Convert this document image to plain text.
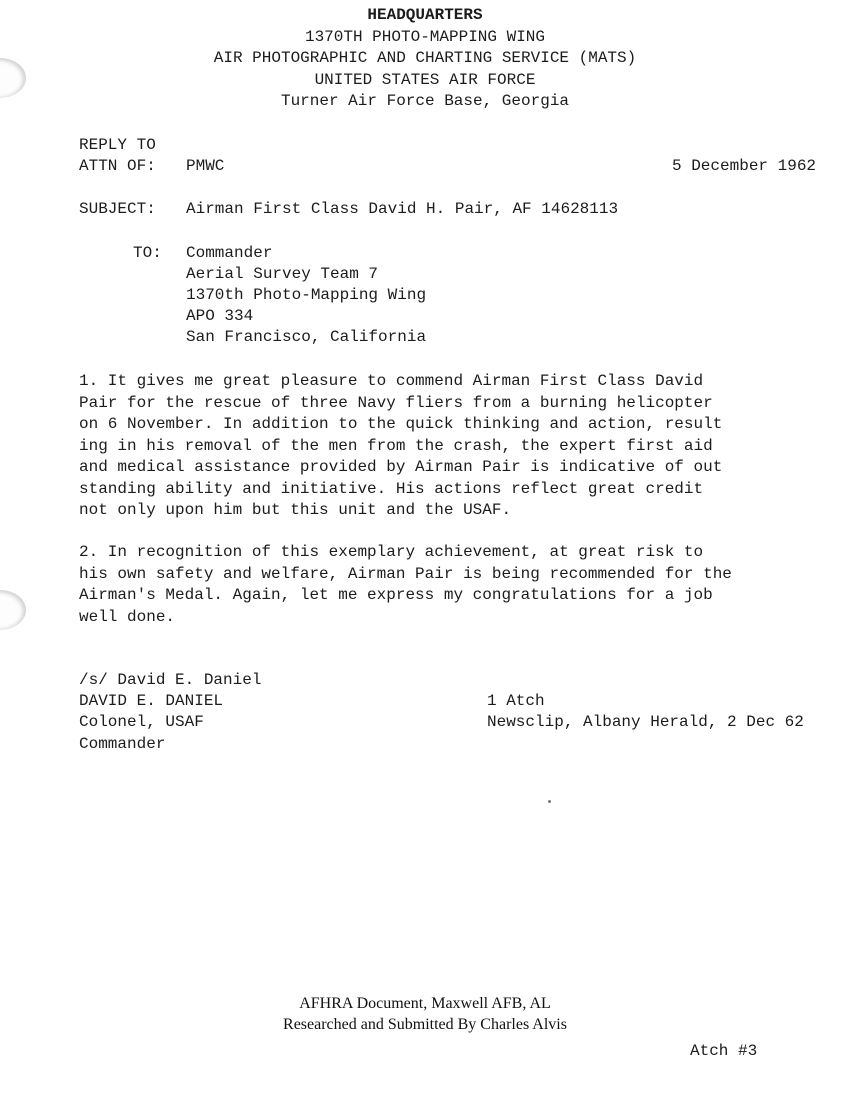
HEADQUARTERS
1370TH PHOTO-MAPPING WING
AIR PHOTOGRAPHIC AND CHARTING SERVICE (MATS)
UNITED STATES AIR FORCE
Turner Air Force Base, Georgia
REPLY TO
ATTN OF: PMWC	5 December 1962
SUBJECT: Airman First Class David H. Pair, AF 14628113
TO: Commander
Aerial Survey Team 7
1370th Photo-Mapping Wing
APO 334
San Francisco, California
1. It gives me great pleasure to commend Airman First Class David
Pair for the rescue of three Navy fliers from a burning helicopter
on 6 November. In addition to the quick thinking and action, result
ing in his removal of the men from the crash, the expert first aid
and medical assistance provided by Airman Pair is indicative of out
standing ability and initiative. His actions reflect great credit
not only upon him but this unit and the USAF.
2. In recognition of this exemplary achievement, at great risk to
his own safety and welfare, Airman Pair is being recommended for the
Airman's Medal. Again, let me express my congratulations for a job
well done.
/s/ David E. Daniel
DAVID E. DANIEL
Colonel, USAF
Commander
1 Atch
Newsclip, Albany Herald, 2 Dec 62
AFHRA Document, Maxwell AFB, AL
Researched and Submitted By Charles Alvis
Atch #3
